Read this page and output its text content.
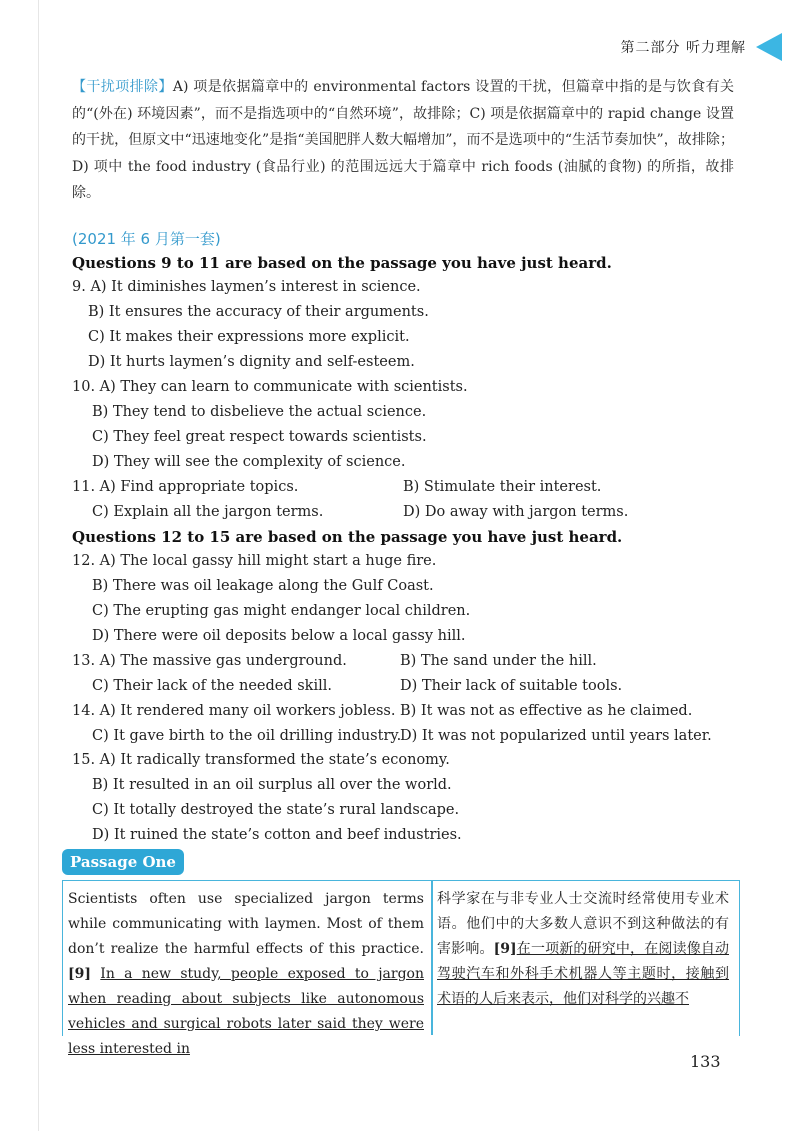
第二部分 听力理解
【干扰项排除】A) 项是依据篇章中的 environmental factors 设置的干扰，但篇章中指的是与饮食有关的“(外在) 环境因素”，而不是指选项中的“自然环境”，故排除；C) 项是依据篇章中的 rapid change 设置的干扰，但原文中“迅速地变化”是指“美国肥胖人数大幅增加”，而不是选项中的“生活节奏加快”，故排除；D) 项中 the food industry (食品行业) 的范围远远大于篇章中 rich foods (油腻的食物) 的所指，故排除。
(2021 年 6 月第一套)
Questions 9 to 11 are based on the passage you have just heard.
9. A) It diminishes laymen’s interest in science.
B) It ensures the accuracy of their arguments.
C) It makes their expressions more explicit.
D) It hurts laymen’s dignity and self-esteem.
10. A) They can learn to communicate with scientists.
B) They tend to disbelieve the actual science.
C) They feel great respect towards scientists.
D) They will see the complexity of science.
11. A) Find appropriate topics.	B) Stimulate their interest.
C) Explain all the jargon terms.	D) Do away with jargon terms.
Questions 12 to 15 are based on the passage you have just heard.
12. A) The local gassy hill might start a huge fire.
B) There was oil leakage along the Gulf Coast.
C) The erupting gas might endanger local children.
D) There were oil deposits below a local gassy hill.
13. A) The massive gas underground.	B) The sand under the hill.
C) Their lack of the needed skill.	D) Their lack of suitable tools.
14. A) It rendered many oil workers jobless. B) It was not as effective as he claimed.
C) It gave birth to the oil drilling industry.
D) It was not popularized until years later.
15. A) It radically transformed the state’s economy.
B) It resulted in an oil surplus all over the world.
C) It totally destroyed the state’s rural landscape.
D) It ruined the state’s cotton and beef industries.
Passage One
Scientists often use specialized jargon terms while communicating with laymen. Most of them don’t realize the harmful effects of this practice. [9] In a new study, people exposed to jargon when reading about subjects like autonomous vehicles and surgical robots later said they were less interested in
科学家在与非专业人士交流时经常使用专业术语。他们中的大多数人意识不到这种做法的有害影响。[9]在一项新的研究中，在阅读像自动驾驶汽车和外科手术机器人等主题时，接触到术语的人后来表示，他们对科学的兴趣不
133
